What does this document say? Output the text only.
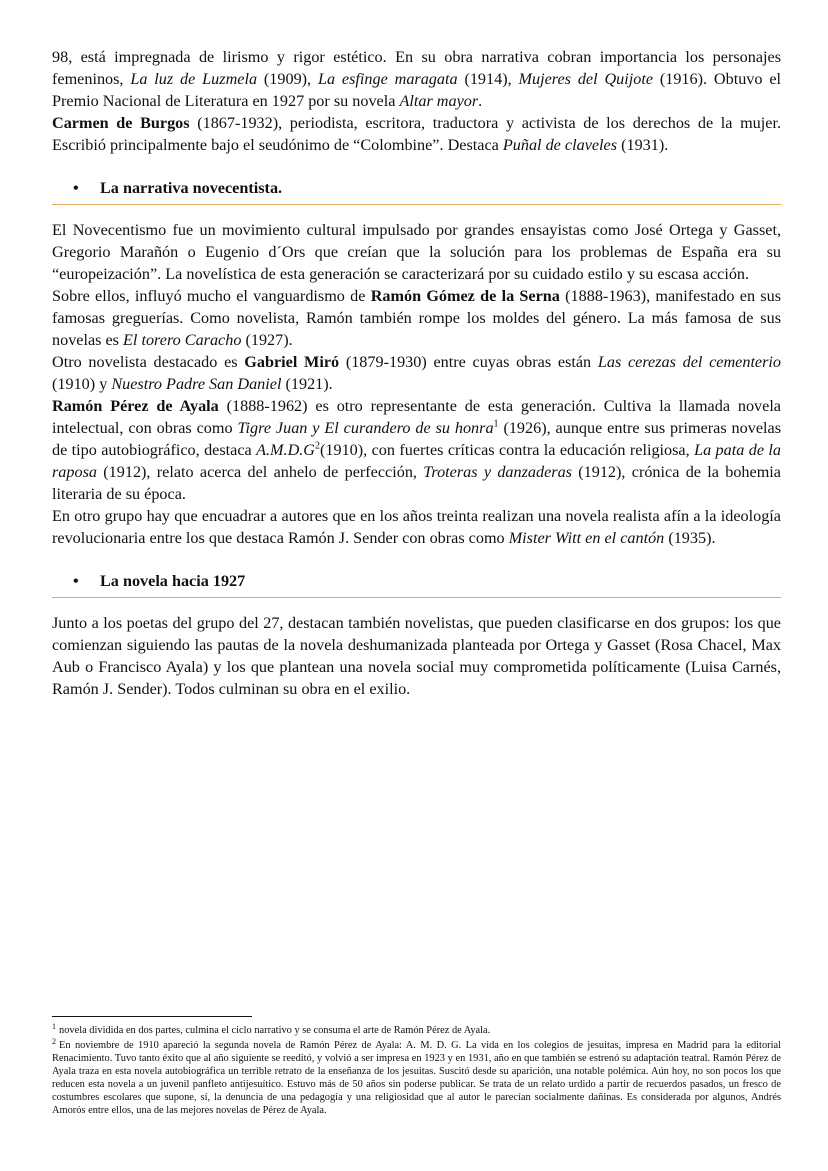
98, está impregnada de lirismo y rigor estético. En su obra narrativa cobran importancia los personajes femeninos, La luz de Luzmela (1909), La esfinge maragata (1914), Mujeres del Quijote (1916). Obtuvo el Premio Nacional de Literatura en 1927 por su novela Altar mayor.

Carmen de Burgos (1867-1932), periodista, escritora, traductora y activista de los derechos de la mujer. Escribió principalmente bajo el seudónimo de “Colombine”. Destaca Puñal de claveles (1931).

• La narrativa novecentista.

El Novecentismo fue un movimiento cultural impulsado por grandes ensayistas como José Ortega y Gasset, Gregorio Marañón o Eugenio d´Ors que creían que la solución para los problemas de España era su “europeización”. La novelística de esta generación se caracterizará por su cuidado estilo y su escasa acción.

Sobre ellos, influyó mucho el vanguardismo de Ramón Gómez de la Serna (1888-1963), manifestado en sus famosas greguerías. Como novelista, Ramón también rompe los moldes del género. La más famosa de sus novelas es El torero Caracho (1927).

Otro novelista destacado es Gabriel Miró (1879-1930) entre cuyas obras están Las cerezas del cementerio (1910) y Nuestro Padre San Daniel (1921).

Ramón Pérez de Ayala (1888-1962) es otro representante de esta generación. Cultiva la llamada novela intelectual, con obras como Tigre Juan y El curandero de su honra$^1$ (1926), aunque entre sus primeras novelas de tipo autobiográfico, destaca $A.M.D.G^2(1910)$, con fuertes críticas contra la educación religiosa, La pata de la raposa (1912), relato acerca del anhelo de perfección, Troteras y danzaderas (1912), crónica de la bohemia literaria de su época.

En otro grupo hay que encuadrar a autores que en los años treinta realizan una novela realista afín a la ideología revolucionaria entre los que destaca Ramón J. Sender con obras como Mister Witt en el cantón (1935).

• La novela hacia 1927

Junto a los poetas del grupo del 27, destacan también novelistas, que pueden clasificarse en dos grupos: los que comienzan siguiendo las pautas de la novela deshumanizada planteada por Ortega y Gasset (Rosa Chacel, Max Aub o Francisco Ayala) y los que plantean una novela social muy comprometida políticamente (Luisa Carnés, Ramón J. Sender). Todos culminan su obra en el exilio.

$^1$ novela dividida en dos partes, culmina el ciclo narrativo y se consuma el arte de Ramón Pérez de Ayala.

$^2$ En noviembre de 1910 apareció la segunda novela de Ramón Pérez de Ayala: A. M. D. G. La vida en los colegios de jesuitas, impresa en Madrid para la editorial Renacimiento. Tuvo tanto éxito que al año siguiente se reeditó, y volvió a ser impresa en 1923 y en 1931, año en que también se estrenó su adaptación teatral. Ramón Pérez de Ayala traza en esta novela autobiográfica un terrible retrato de la enseñanza de los jesuitas. Suscitó desde su aparición, una notable polémica. Aún hoy, no son pocos los que reducen esta novela a un juvenil panfleto antijesuítico. Estuvo más de 50 años sin poderse publicar. Se trata de un relato urdido a partir de recuerdos pasados, un fresco de costumbres escolares que supone, sí, la denuncia de una pedagogía y una religiosidad que al autor le parecían socialmente dañinas. Es considerada por algunos, Andrés Amorós entre ellos, una de las mejores novelas de Pérez de Ayala.
